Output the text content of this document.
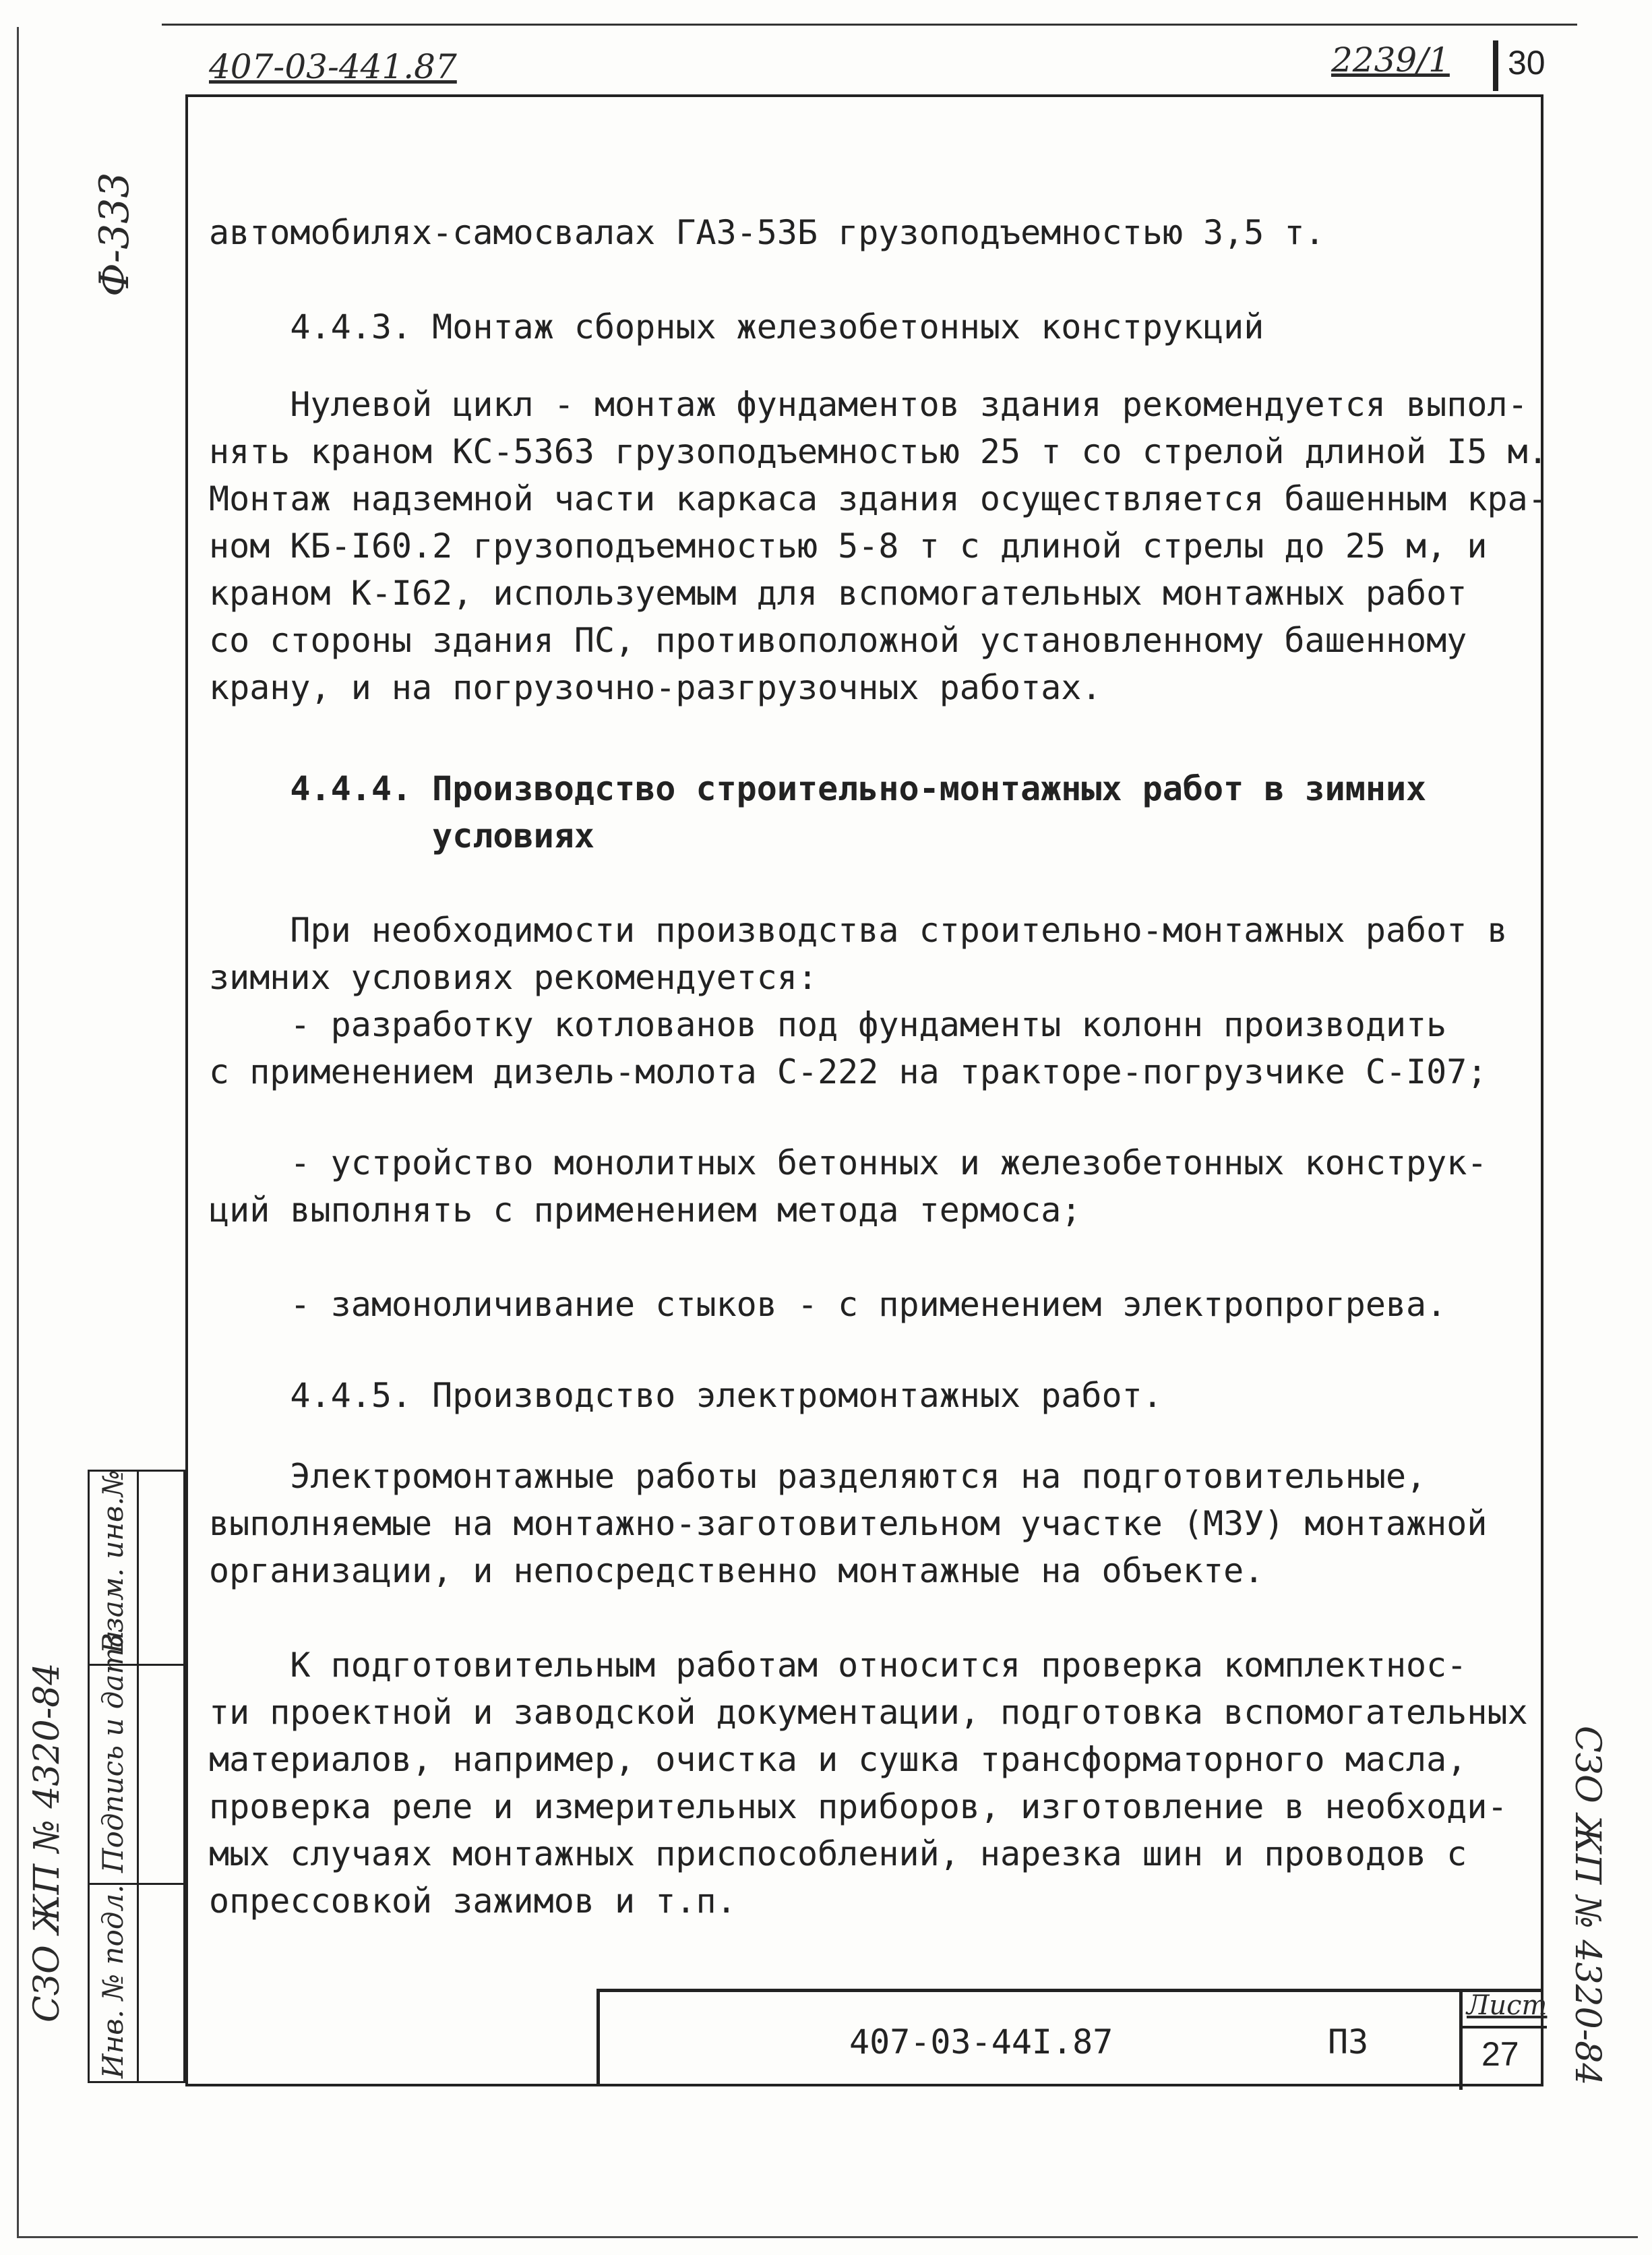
407-03-441.87	2239/1 30
Ф-333 автомобилях-самосвалах ГАЗ-53Б грузоподъемностью 3,5 т.
4.4.3. Монтаж сборных железобетонных конструкций
Нулевой цикл - монтаж фундаментов здания рекомендуется выпол-
нять краном КС-5363 грузоподъемностью 25 т со стрелой длиной I5 м.
Монтаж надземной части каркаса здания осуществляется башенным кра-
ном КБ-I60.2 грузоподъемностью 5-8 т с длиной стрелы до 25 м, и
краном К-I62, используемым для вспомогательных монтажных работ
со стороны здания ПС, противоположной установленному башенному
крану, и на погрузочно-разгрузочных работах.
4.4.4. Производство строительно-монтажных работ в зимних
условиях
При необходимости производства строительно-монтажных работ в
зимних условиях рекомендуется:
- разработку котлованов под фундаменты колонн производить
с применением дизель-молота С-222 на тракторе-погрузчике С-I07;
- устройство монолитных бетонных и железобетонных конструк-
ций выполнять с применением метода термоса;
- замоноличивание стыков - с применением электропрогрева.
4.4.5. Производство электромонтажных работ.
Электромонтажные работы разделяются на подготовительные,
выполняемые на монтажно-заготовительном участке (МЗУ) монтажной
организации, и непосредственно монтажные на объекте.
К подготовительным работам относится проверка комплектнос-
ти проектной и заводской документации, подготовка вспомогательных
материалов, например, очистка и сушка трансформаторного масла,
проверка реле и измерительных приборов, изготовление в необходи-
мых случаях монтажных приспособлений, нарезка шин и проводов с
опрессовкой зажимов и т.п.
Взам. инв.№
Подпись и дата
Инв. № подл.
СЗО ЖП № 4320-84	СЗО ЖП № 4320-84
407-03-44I.87	ПЗ
Лист
27
